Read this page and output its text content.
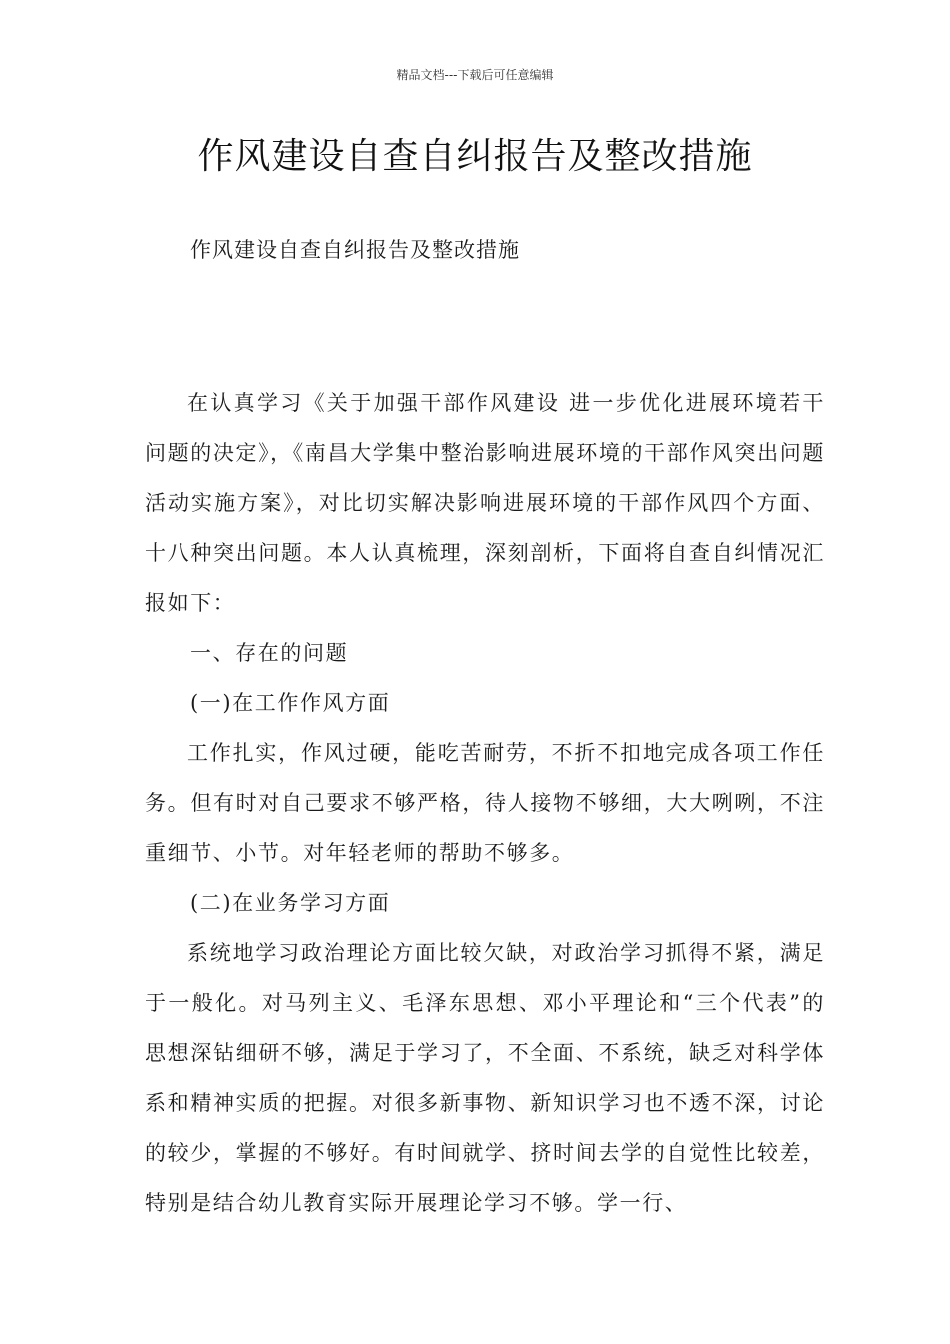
精品文档---下载后可任意编辑
作风建设自查自纠报告及整改措施
作风建设自查自纠报告及整改措施

在认真学习《关于加强干部作风建设 进一步优化进展环境若干问题的决定》，《南昌大学集中整治影响进展环境的干部作风突出问题活动实施方案》，对比切实解决影响进展环境的干部作风四个方面、十八种突出问题。本人认真梳理，深刻剖析，下面将自查自纠情况汇报如下：

一、存在的问题

(一)在工作作风方面

工作扎实，作风过硬，能吃苦耐劳，不折不扣地完成各项工作任务。但有时对自己要求不够严格，待人接物不够细，大大咧咧，不注重细节、小节。对年轻老师的帮助不够多。

(二)在业务学习方面

系统地学习政治理论方面比较欠缺，对政治学习抓得不紧，满足于一般化。对马列主义、毛泽东思想、邓小平理论和“三个代表”的思想深钻细研不够，满足于学习了，不全面、不系统，缺乏对科学体系和精神实质的把握。对很多新事物、新知识学习也不透不深，讨论的较少，掌握的不够好。有时间就学、挤时间去学的自觉性比较差，特别是结合幼儿教育实际开展理论学习不够。学一行、
